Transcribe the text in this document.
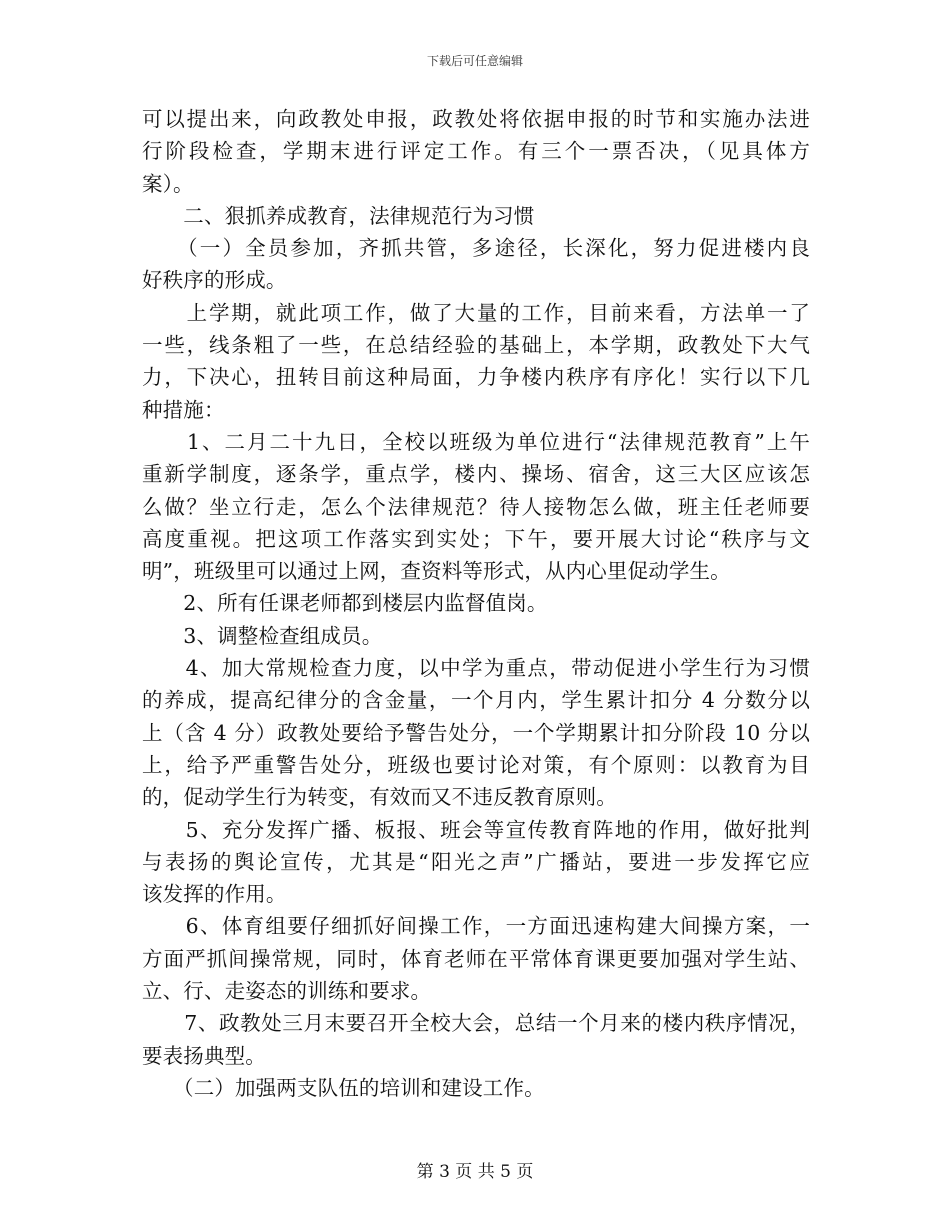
下载后可任意编辑
可以提出来，向政教处申报，政教处将依据申报的时节和实施办法进
行阶段检查，学期末进行评定工作。有三个一票否决，（见具体方
案）。
　　二、狠抓养成教育，法律规范行为习惯
　　（一）全员参加，齐抓共管，多途径，长深化，努力促进楼内良
好秩序的形成。
　　上学期，就此项工作，做了大量的工作，目前来看，方法单一了
一些，线条粗了一些，在总结经验的基础上，本学期，政教处下大气
力，下决心，扭转目前这种局面，力争楼内秩序有序化！实行以下几
种措施：
　　1、二月二十九日，全校以班级为单位进行“法律规范教育”上午
重新学制度，逐条学，重点学，楼内、操场、宿舍，这三大区应该怎
么做？坐立行走，怎么个法律规范？待人接物怎么做，班主任老师要
高度重视。把这项工作落实到实处；下午，要开展大讨论“秩序与文
明”，班级里可以通过上网，查资料等形式，从内心里促动学生。
　　2、所有任课老师都到楼层内监督值岗。
　　3、调整检查组成员。
　　4、加大常规检查力度，以中学为重点，带动促进小学生行为习惯
的养成，提高纪律分的含金量，一个月内，学生累计扣分 4 分数分以
上（含 4 分）政教处要给予警告处分，一个学期累计扣分阶段 10 分以
上，给予严重警告处分，班级也要讨论对策，有个原则：以教育为目
的，促动学生行为转变，有效而又不违反教育原则。
　　5、充分发挥广播、板报、班会等宣传教育阵地的作用，做好批判
与表扬的舆论宣传，尤其是“阳光之声”广播站，要进一步发挥它应
该发挥的作用。
　　6、体育组要仔细抓好间操工作，一方面迅速构建大间操方案，一
方面严抓间操常规，同时，体育老师在平常体育课更要加强对学生站、
立、行、走姿态的训练和要求。
　　7、政教处三月末要召开全校大会，总结一个月来的楼内秩序情况，
要表扬典型。
　　（二）加强两支队伍的培训和建设工作。
第 3 页 共 5 页
